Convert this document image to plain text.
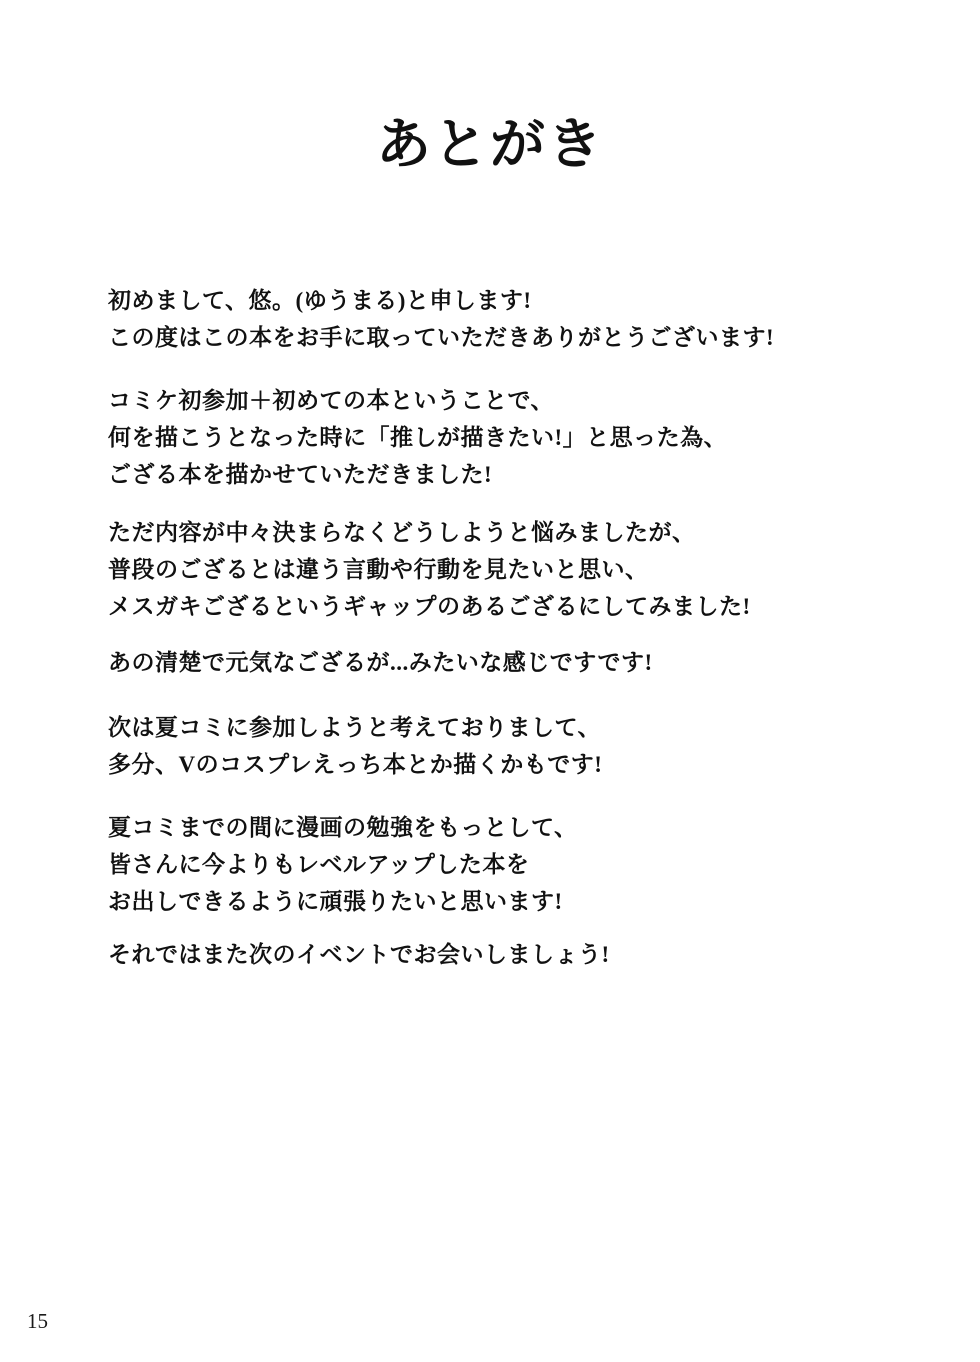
あとがき
初めまして、悠。(ゆうまる)と申します!
この度はこの本をお手に取っていただきありがとうございます!
コミケ初参加＋初めての本ということで、
何を描こうとなった時に「推しが描きたい!」と思った為、
ござる本を描かせていただきました!
ただ内容が中々決まらなくどうしようと悩みましたが、
普段のござるとは違う言動や行動を見たいと思い、
メスガキござるというギャップのあるござるにしてみました!
あの清楚で元気なござるが...みたいな感じですです!
次は夏コミに参加しようと考えておりまして、
多分、Vのコスプレえっち本とか描くかもです!
夏コミまでの間に漫画の勉強をもっとして、
皆さんに今よりもレベルアップした本を
お出しできるように頑張りたいと思います!
それではまた次のイベントでお会いしましょう!
15
